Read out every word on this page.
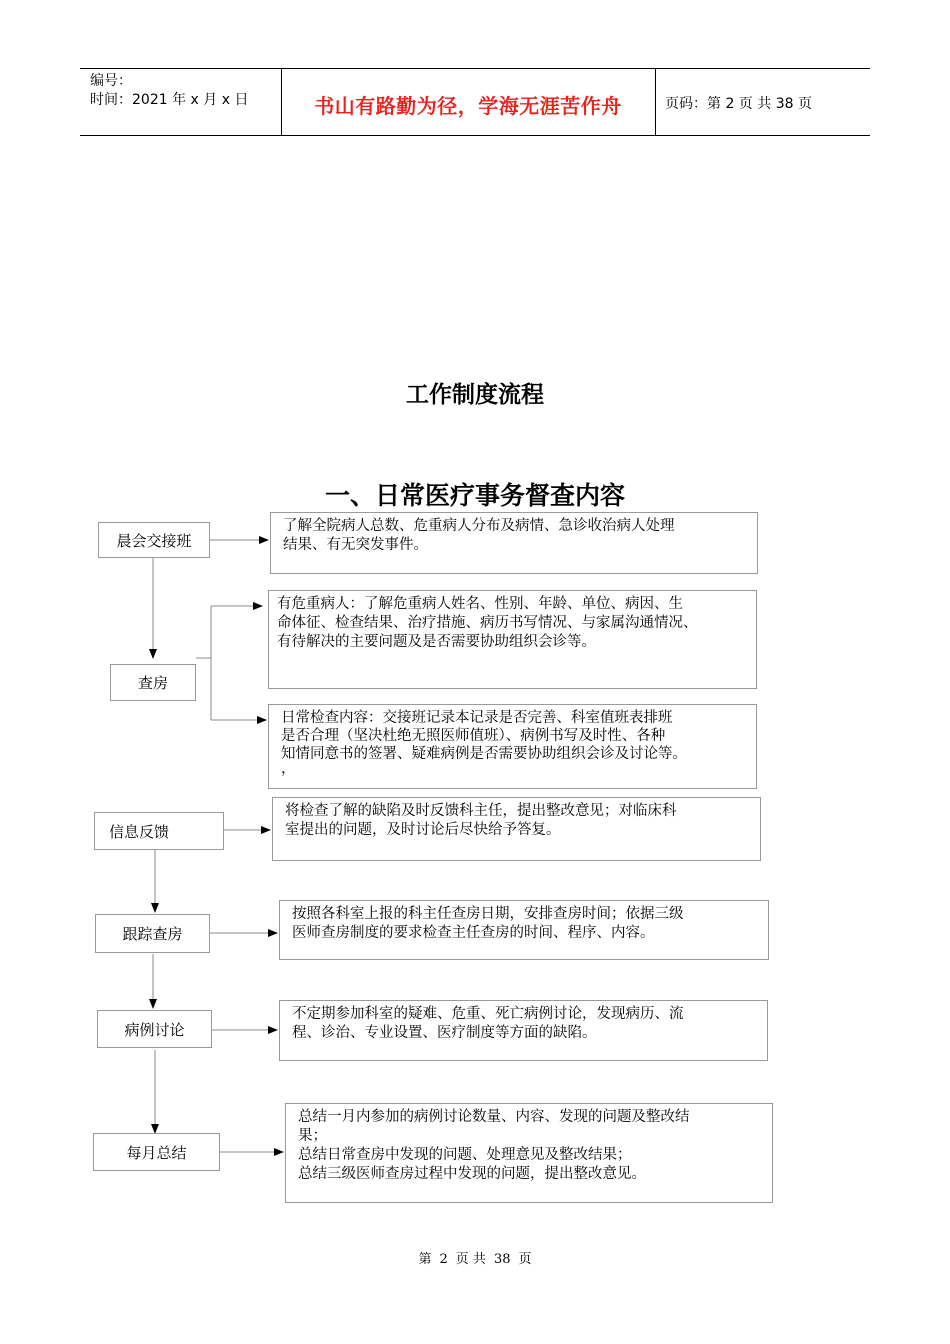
编号：
时间：2021 年 x 月 x 日	书山有路勤为径，学海无涯苦作舟	页码：第 2 页 共 38 页
工作制度流程
一、日常医疗事务督查内容
晨会交接班
了解全院病人总数、危重病人分布及病情、急诊收治病人处理
结果、有无突发事件。
查房
有危重病人：了解危重病人姓名、性别、年龄、单位、病因、生
命体征、检查结果、治疗措施、病历书写情况、与家属沟通情况、
有待解决的主要问题及是否需要协助组织会诊等。
日常检查内容：交接班记录本记录是否完善、科室值班表排班
是否合理（坚决杜绝无照医师值班）、病例书写及时性、各种
知情同意书的签署、疑难病例是否需要协助组织会诊及讨论等。
，
信息反馈
将检查了解的缺陷及时反馈科主任，提出整改意见；对临床科
室提出的问题，及时讨论后尽快给予答复。
跟踪查房
按照各科室上报的科主任查房日期，安排查房时间；依据三级
医师查房制度的要求检查主任查房的时间、程序、内容。
病例讨论
不定期参加科室的疑难、危重、死亡病例讨论，发现病历、流
程、诊治、专业设置、医疗制度等方面的缺陷。
每月总结
总结一月内参加的病例讨论数量、内容、发现的问题及整改结
果；
总结日常查房中发现的问题、处理意见及整改结果；
总结三级医师查房过程中发现的问题，提出整改意见。
第 2 页 共 38 页
